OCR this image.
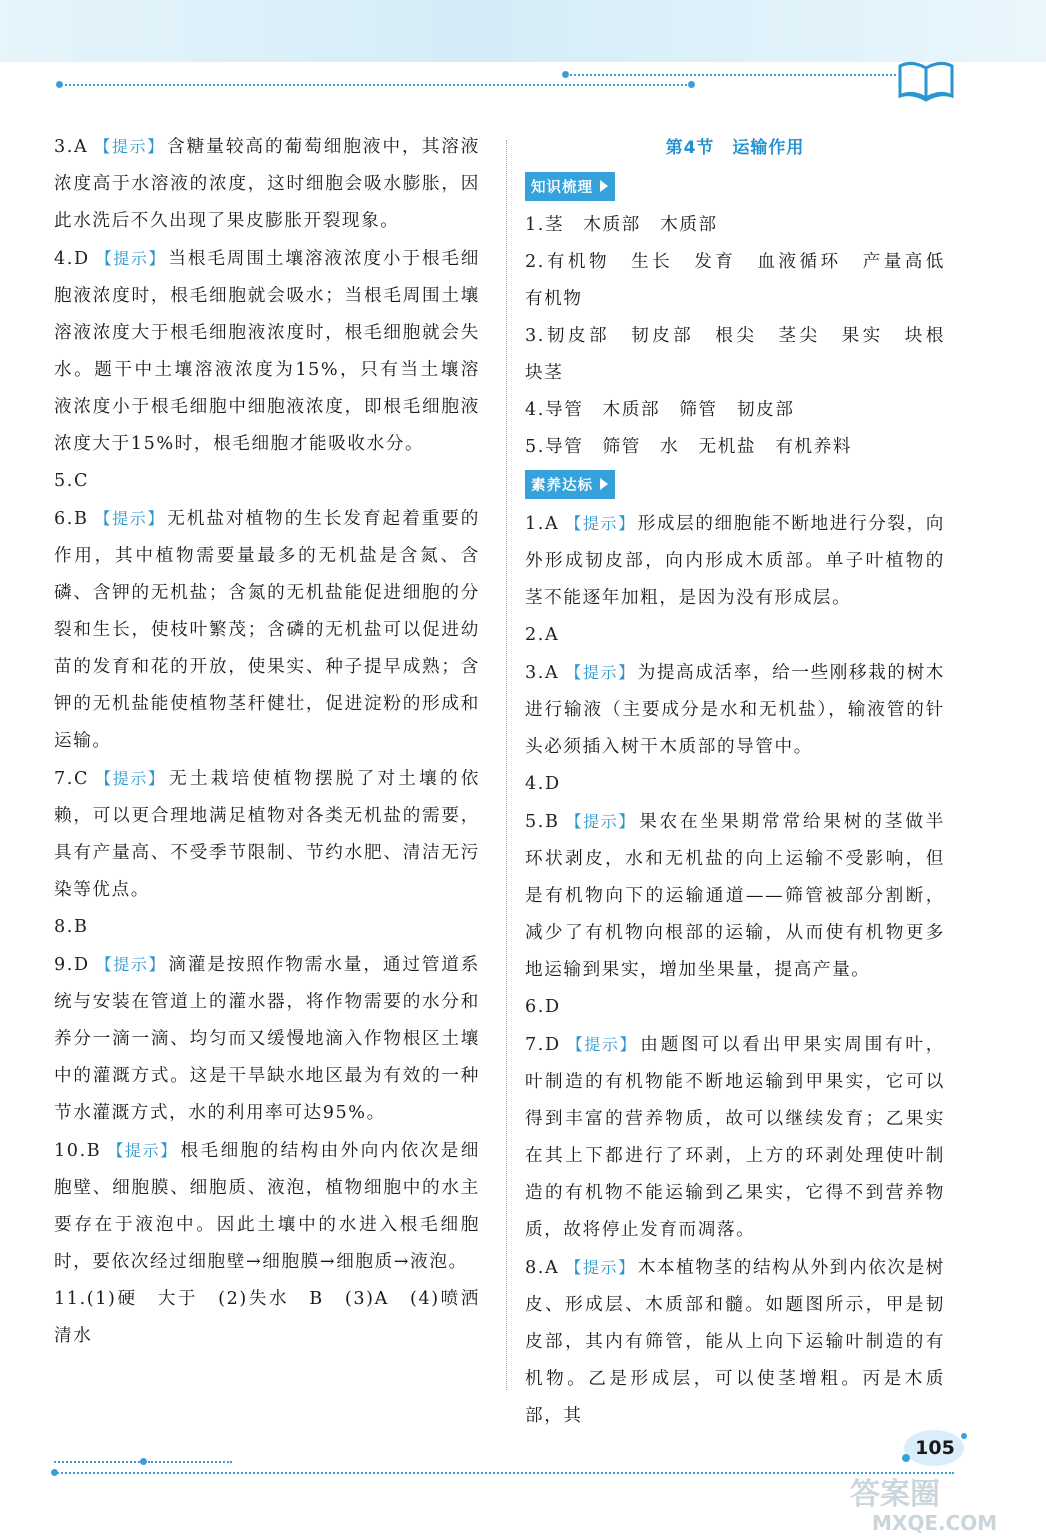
3.A 【提示】 含糖量较高的葡萄细胞液中，其溶液浓度高于水溶液的浓度，这时细胞会吸水膨胀，因此水洗后不久出现了果皮膨胀开裂现象。

4.D 【提示】 当根毛周围土壤溶液浓度小于根毛细胞液浓度时，根毛细胞就会吸水；当根毛周围土壤溶液浓度大于根毛细胞液浓度时，根毛细胞就会失水。题干中土壤溶液浓度为15%，只有当土壤溶液浓度小于根毛细胞中细胞液浓度，即根毛细胞液浓度大于15%时，根毛细胞才能吸收水分。

5.C

6.B 【提示】 无机盐对植物的生长发育起着重要的作用，其中植物需要量最多的无机盐是含氮、含磷、含钾的无机盐；含氮的无机盐能促进细胞的分裂和生长，使枝叶繁茂；含磷的无机盐可以促进幼苗的发育和花的开放，使果实、种子提早成熟；含钾的无机盐能使植物茎秆健壮，促进淀粉的形成和运输。

7.C 【提示】 无土栽培使植物摆脱了对土壤的依赖，可以更合理地满足植物对各类无机盐的需要，具有产量高、不受季节限制、节约水肥、清洁无污染等优点。

8.B

9.D 【提示】 滴灌是按照作物需水量，通过管道系统与安装在管道上的灌水器，将作物需要的水分和养分一滴一滴、均匀而又缓慢地滴入作物根区土壤中的灌溉方式。这是干旱缺水地区最为有效的一种节水灌溉方式，水的利用率可达95%。

10.B 【提示】 根毛细胞的结构由外向内依次是细胞壁、细胞膜、细胞质、液泡，植物细胞中的水主要存在于液泡中。因此土壤中的水进入根毛细胞时，要依次经过细胞壁→细胞膜→细胞质→液泡。

11.(1)硬　大于　(2)失水　B　(3)A　(4)喷洒清水

第4节　运输作用

知识梳理

1.茎　木质部　木质部

2.有机物　生长　发育　血液循环　产量高低　有机物

3.韧皮部　韧皮部　根尖　茎尖　果实　块根　块茎

4.导管　木质部　筛管　韧皮部

5.导管　筛管　水　无机盐　有机养料

素养达标

1.A 【提示】 形成层的细胞能不断地进行分裂，向外形成韧皮部，向内形成木质部。单子叶植物的茎不能逐年加粗，是因为没有形成层。

2.A

3.A 【提示】 为提高成活率，给一些刚移栽的树木进行输液（主要成分是水和无机盐），输液管的针头必须插入树干木质部的导管中。

4.D

5.B 【提示】 果农在坐果期常常给果树的茎做半环状剥皮，水和无机盐的向上运输不受影响，但是有机物向下的运输通道——筛管被部分割断，减少了有机物向根部的运输，从而使有机物更多地运输到果实，增加坐果量，提高产量。

6.D

7.D 【提示】 由题图可以看出甲果实周围有叶，叶制造的有机物能不断地运输到甲果实，它可以得到丰富的营养物质，故可以继续发育；乙果实在其上下都进行了环剥，上方的环剥处理使叶制造的有机物不能运输到乙果实，它得不到营养物质，故将停止发育而凋落。

8.A 【提示】 木本植物茎的结构从外到内依次是树皮、形成层、木质部和髓。如题图所示，甲是韧皮部，其内有筛管，能从上向下运输叶制造的有机物。乙是形成层，可以使茎增粗。丙是木质部，其

105
答案圈
MXQE.COM
